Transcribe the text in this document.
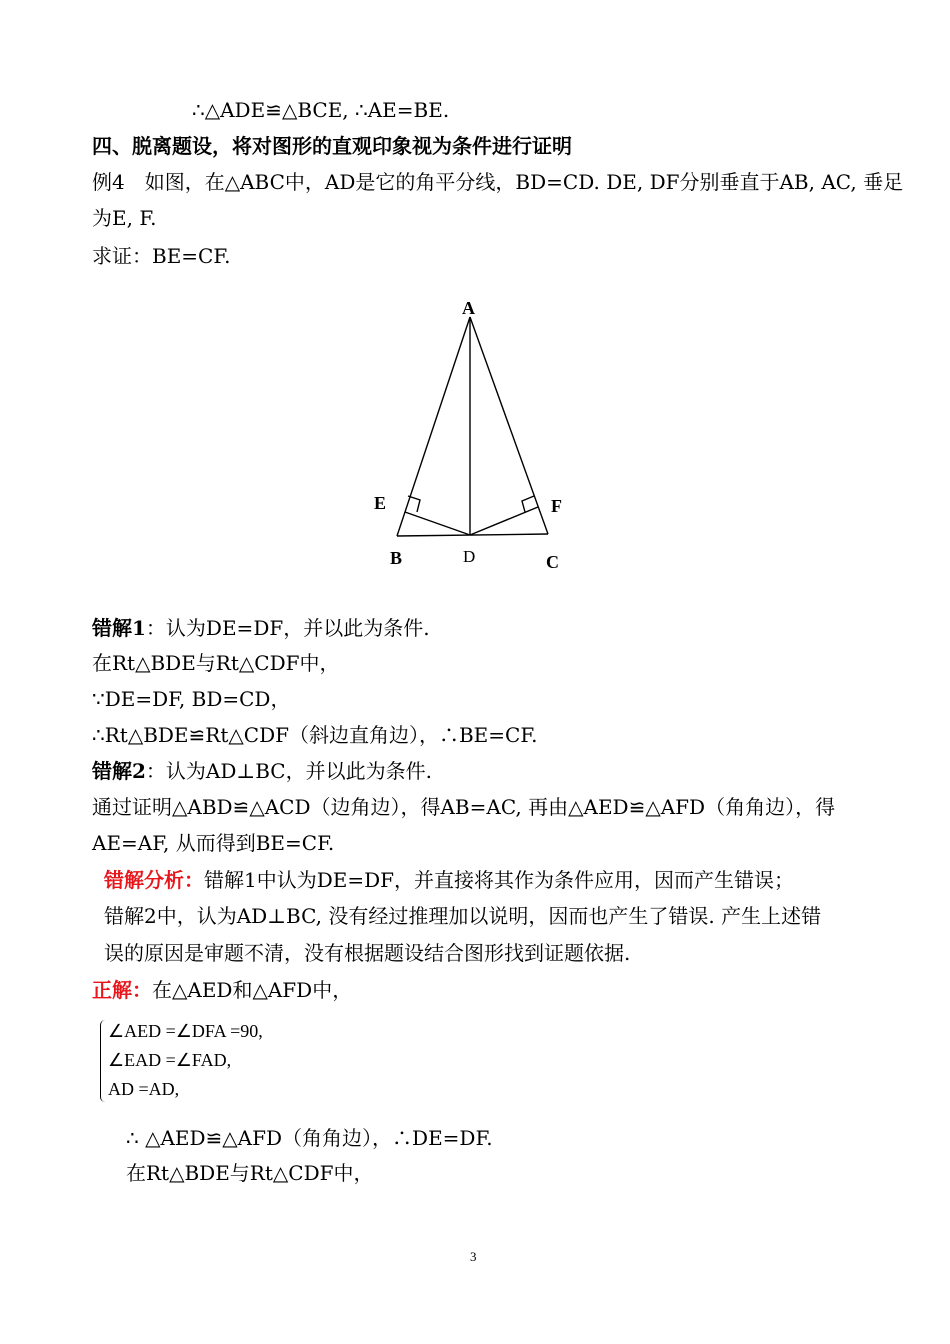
∴△ADE≌△BCE, ∴AE=BE.
四、脱离题设，将对图形的直观印象视为条件进行证明
例4　如图，在△ABC中，AD是它的角平分线，BD=CD. DE, DF分别垂直于AB, AC, 垂足
为E, F.
求证：BE=CF.
A
E	F
B	D	C
错解1：认为DE=DF，并以此为条件.
在Rt△BDE与Rt△CDF中，
∵DE=DF, BD=CD，
∴Rt△BDE≌Rt△CDF（斜边直角边），∴BE=CF.
错解2：认为AD⊥BC，并以此为条件.
通过证明△ABD≌△ACD（边角边），得AB=AC, 再由△AED≌△AFD（角角边），得
AE=AF, 从而得到BE=CF.
错解分析：错解1中认为DE=DF，并直接将其作为条件应用，因而产生错误；
错解2中，认为AD⊥BC, 没有经过推理加以说明，因而也产生了错误. 产生上述错
误的原因是审题不清，没有根据题设结合图形找到证题依据.
正解：在△AED和△AFD中，
∠AED =∠DFA =90,
∠EAD =∠FAD,
AD =AD,
∴ △AED≌△AFD（角角边），∴DE=DF.
在Rt△BDE与Rt△CDF中，
3
